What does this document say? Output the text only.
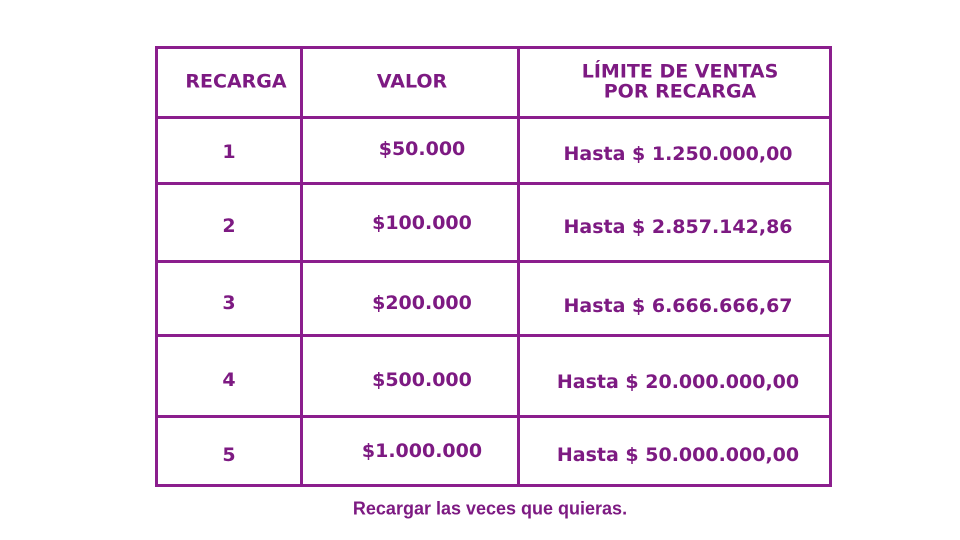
RECARGA	VALOR	LÍMITE DE VENTAS
POR RECARGA
1	$50.000	Hasta $ 1.250.000,00
2	$100.000	Hasta $ 2.857.142,86
3	$200.000	Hasta $ 6.666.666,67
4	$500.000	Hasta $ 20.000.000,00
5	$1.000.000	Hasta $ 50.000.000,00
Recargar las veces que quieras.
